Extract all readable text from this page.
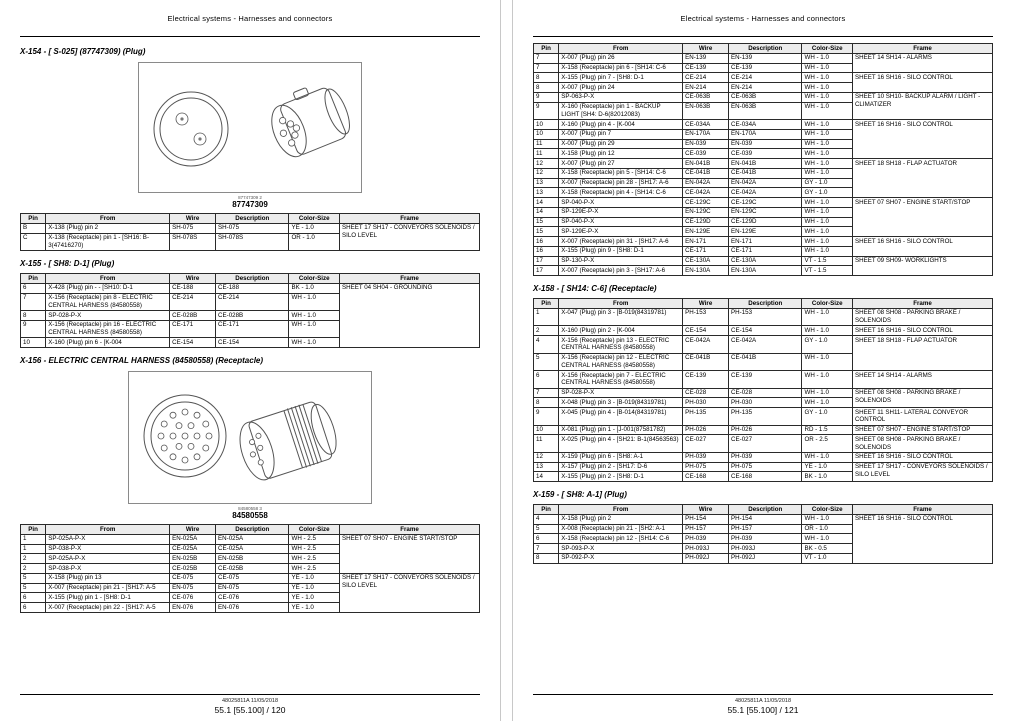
Electrical systems - Harnesses and connectors
X-154 - [ S-025] (87747309) (Plug)
87747309 2
87747309
Pin	From	Wire	Description	Color-Size	Frame
B	X-138 (Plug) pin 2	SH-075	SH-075	YE - 1.0	SHEET 17 SH17 - CONVEYORS SOLENOIDS / SILO LEVEL
C	X-138 (Receptacle) pin 1 - [SH16: B-3(47416270)	SH-078S	SH-078S	OR - 1.0	
X-155 - [ SH8: D-1] (Plug)
Pin	From	Wire	Description	Color-Size	Frame
6	X-428 (Plug) pin - - [SH10: D-1	CE-188	CE-188	BK - 1.0	SHEET 04 SH04 - GROUNDING
7	X-156 (Receptacle) pin 8 - ELECTRIC CENTRAL HARNESS (84580558)	CE-214	CE-214	WH - 1.0	
8	SP-028-P-X	CE-028B	CE-028B	WH - 1.0	
9	X-156 (Receptacle) pin 16 - ELECTRIC CENTRAL HARNESS (84580558)	CE-171	CE-171	WH - 1.0	
10	X-160 (Plug) pin 6 - [K-004	CE-154	CE-154	WH - 1.0	
X-156 - ELECTRIC CENTRAL HARNESS (84580558) (Receptacle)
84580558 3
84580558
Pin	From	Wire	Description	Color-Size	Frame
1	SP-025A-P-X	EN-025A	EN-025A	WH - 2.5	SHEET 07 SH07 - ENGINE START/STOP
1	SP-038-P-X	CE-025A	CE-025A	WH - 2.5	
2	SP-025A-P-X	EN-025B	EN-025B	WH - 2.5	
2	SP-038-P-X	CE-025B	CE-025B	WH - 2.5	
5	X-158 (Plug) pin 13	CE-075	CE-075	YE - 1.0	SHEET 17 SH17 - CONVEYORS SOLENOIDS / SILO LEVEL
5	X-007 (Receptacle) pin 21 - [SH17: A-5	EN-075	EN-075	YE - 1.0	
6	X-155 (Plug) pin 1 - [SH8: D-1	CE-076	CE-076	YE - 1.0	
6	X-007 (Receptacle) pin 22 - [SH17: A-5	EN-076	EN-076	YE - 1.0	
48025811A 11/05/2018
55.1 [55.100] / 120
Electrical systems - Harnesses and connectors
Pin	From	Wire	Description	Color-Size	Frame
7	X-007 (Plug) pin 26	EN-139	EN-139	WH - 1.0	SHEET 14 SH14 - ALARMS
7	X-158 (Receptacle) pin 6 - [SH14: C-6	CE-139	CE-139	WH - 1.0	
8	X-155 (Plug) pin 7 - [SH8: D-1	CE-214	CE-214	WH - 1.0	SHEET 16 SH16 - SILO CONTROL
8	X-007 (Plug) pin 24	EN-214	EN-214	WH - 1.0	
9	SP-063-P-X	CE-063B	CE-063B	WH - 1.0	SHEET 10 SH10- BACKUP ALARM / LIGHT - CLIMATIZER
9	X-160 (Receptacle) pin 1 - BACKUP LIGHT [SH4: D-6(82012083)	EN-063B	EN-063B	WH - 1.0	
10	X-160 (Plug) pin 4 - [K-004	CE-034A	CE-034A	WH - 1.0	SHEET 16 SH16 - SILO CONTROL
10	X-007 (Plug) pin 7	EN-170A	EN-170A	WH - 1.0	
11	X-007 (Plug) pin 29	EN-039	EN-039	WH - 1.0	
11	X-158 (Plug) pin 12	CE-039	CE-039	WH - 1.0	
12	X-007 (Plug) pin 27	EN-041B	EN-041B	WH - 1.0	SHEET 18 SH18 - FLAP ACTUATOR
12	X-158 (Receptacle) pin 5 - [SH14: C-6	CE-041B	CE-041B	WH - 1.0	
13	X-007 (Receptacle) pin 28 - [SH17: A-6	EN-042A	EN-042A	GY - 1.0	
13	X-158 (Receptacle) pin 4 - [SH14: C-6	CE-042A	CE-042A	GY - 1.0	
14	SP-040-P-X	CE-129C	CE-129C	WH - 1.0	SHEET 07 SH07 - ENGINE START/STOP
14	SP-129E-P-X	EN-129C	EN-129C	WH - 1.0	
15	SP-040-P-X	CE-129D	CE-129D	WH - 1.0	
15	SP-129E-P-X	EN-129E	EN-129E	WH - 1.0	
16	X-007 (Receptacle) pin 31 - [SH17: A-6	EN-171	EN-171	WH - 1.0	SHEET 16 SH16 - SILO CONTROL
16	X-155 (Plug) pin 9 - [SH8: D-1	CE-171	CE-171	WH - 1.0	
17	SP-130-P-X	CE-130A	CE-130A	VT - 1.5	SHEET 09 SH09- WORKLIGHTS
17	X-007 (Receptacle) pin 3 - [SH17: A-6	EN-130A	EN-130A	VT - 1.5	
X-158 - [ SH14: C-6] (Receptacle)
Pin	From	Wire	Description	Color-Size	Frame
1	X-047 (Plug) pin 3 - [B-019(84319781)	PH-153	PH-153	WH - 1.0	SHEET 08 SH08 - PARKING BRAKE / SOLENOIDS
2	X-160 (Plug) pin 2 - [K-004	CE-154	CE-154	WH - 1.0	SHEET 16 SH16 - SILO CONTROL
4	X-156 (Receptacle) pin 13 - ELECTRIC CENTRAL HARNESS (84580558)	CE-042A	CE-042A	GY - 1.0	SHEET 18 SH18 - FLAP ACTUATOR
5	X-156 (Receptacle) pin 12 - ELECTRIC CENTRAL HARNESS (84580558)	CE-041B	CE-041B	WH - 1.0	
6	X-156 (Receptacle) pin 7 - ELECTRIC CENTRAL HARNESS (84580558)	CE-139	CE-139	WH - 1.0	SHEET 14 SH14 - ALARMS
7	SP-028-P-X	CE-028	CE-028	WH - 1.0	SHEET 08 SH08 - PARKING BRAKE / SOLENOIDS
8	X-048 (Plug) pin 3 - [B-019(84319781)	PH-030	PH-030	WH - 1.0	
9	X-045 (Plug) pin 4 - [B-014(84319781)	PH-135	PH-135	GY - 1.0	SHEET 11 SH11- LATERAL CONVEYOR CONTROL
10	X-081 (Plug) pin 1 - [J-001(87581782)	PH-026	PH-026	RD - 1.5	SHEET 07 SH07 - ENGINE START/STOP
11	X-025 (Plug) pin 4 - [SH21: B-1(84563563)	CE-027	CE-027	OR - 2.5	SHEET 08 SH08 - PARKING BRAKE / SOLENOIDS
12	X-159 (Plug) pin 6 - [SH8: A-1	PH-039	PH-039	WH - 1.0	SHEET 16 SH16 - SILO CONTROL
13	X-157 (Plug) pin 2 - [SH17: D-6	PH-075	PH-075	YE - 1.0	SHEET 17 SH17 - CONVEYORS SOLENOIDS / SILO LEVEL
14	X-155 (Plug) pin 2 - [SH8: D-1	CE-168	CE-168	BK - 1.0	
X-159 - [ SH8: A-1] (Plug)
Pin	From	Wire	Description	Color-Size	Frame
4	X-158 (Plug) pin 2	PH-154	PH-154	WH - 1.0	SHEET 16 SH16 - SILO CONTROL
5	X-008 (Receptacle) pin 21 - [SH2: A-1	PH-157	PH-157	OR - 1.0	
6	X-158 (Receptacle) pin 12 - [SH14: C-6	PH-039	PH-039	WH - 1.0	
7	SP-093-P-X	PH-093J	PH-093J	BK - 0.5	
8	SP-092-P-X	PH-092J	PH-092J	VT - 1.0	
48025811A 11/05/2018
55.1 [55.100] / 121
